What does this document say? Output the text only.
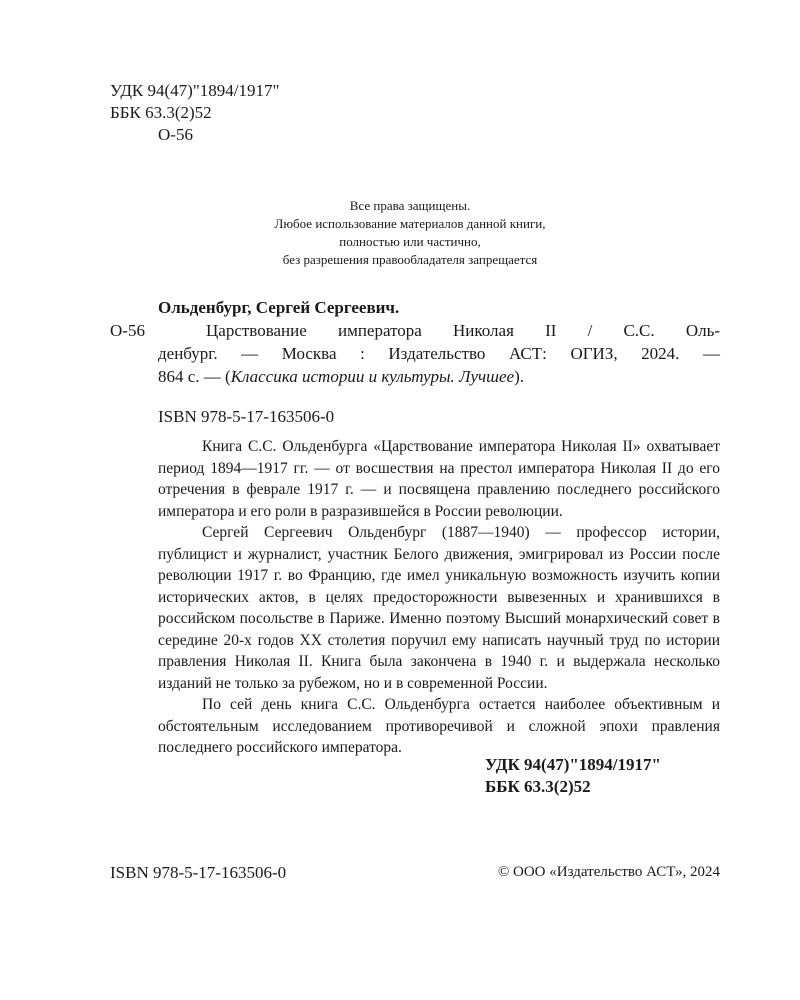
УДК 94(47)"1894/1917"
ББК 63.3(2)52
О-56
Все права защищены.
Любое использование материалов данной книги,
полностью или частично,
без разрешения правообладателя запрещается
Ольденбург, Сергей Сергеевич.
О-56	Царствование императора Николая II / С.С. Оль-
денбург. — Москва : Издательство АСТ: ОГИЗ, 2024. —
864 с. — (Классика истории и культуры. Лучшее).
ISBN 978-5-17-163506-0

Книга С.С. Ольденбурга «Царствование императора Николая II» охватывает период 1894—1917 гг. — от восшествия на престол императора Николая II до его отречения в феврале 1917 г. — и посвящена правлению последнего российского императора и его роли в разразившейся в России революции.

Сергей Сергеевич Ольденбург (1887—1940) — профессор истории, публицист и журналист, участник Белого движения, эмигрировал из России после революции 1917 г. во Францию, где имел уникальную возможность изучить копии исторических актов, в целях предосторожности вывезенных и хранившихся в российском посольстве в Париже. Именно поэтому Высший монархический совет в середине 20-х годов XX столетия поручил ему написать научный труд по истории правления Николая II. Книга была закончена в 1940 г. и выдержала несколько изданий не только за рубежом, но и в современной России.

По сей день книга С.С. Ольденбурга остается наиболее объективным и обстоятельным исследованием противоречивой и сложной эпохи правления последнего российского императора.

УДК 94(47)"1894/1917"
ББК 63.3(2)52
ISBN 978-5-17-163506-0	© ООО «Издательство АСТ», 2024
